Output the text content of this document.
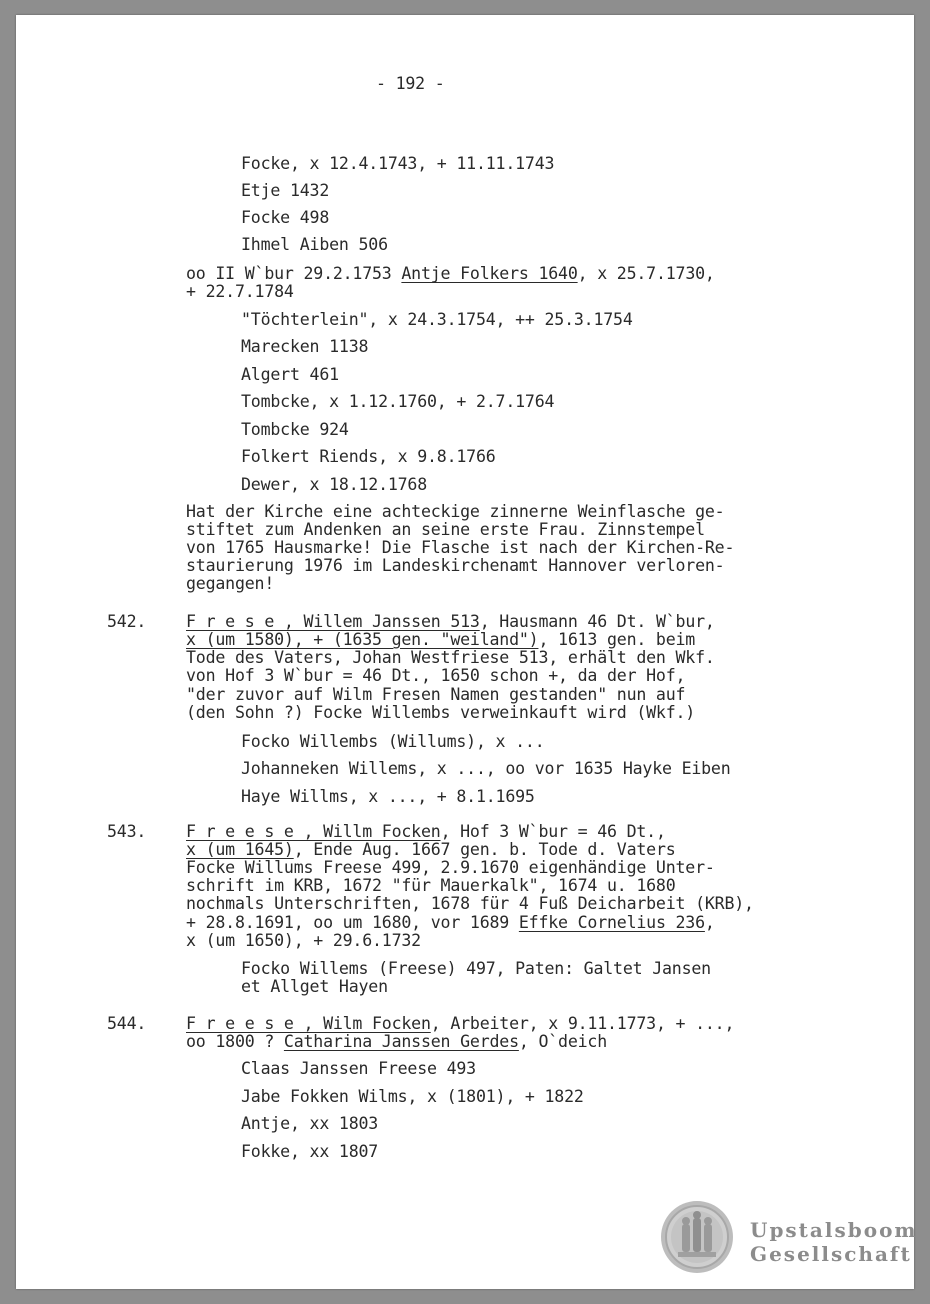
- 192 -
Focke, x 12.4.1743, + 11.11.1743
Etje 1432
Focke 498
Ihmel Aiben 506
oo II W`bur 29.2.1753 Antje Folkers 1640, x 25.7.1730,
+ 22.7.1784
"Töchterlein", x 24.3.1754, ++ 25.3.1754
Marecken 1138
Algert 461
Tombcke, x 1.12.1760, + 2.7.1764
Tombcke 924
Folkert Riends, x 9.8.1766
Dewer, x 18.12.1768
Hat der Kirche eine achteckige zinnerne Weinflasche ge-
stiftet zum Andenken an seine erste Frau. Zinnstempel
von 1765 Hausmarke! Die Flasche ist nach der Kirchen-Re-
staurierung 1976 im Landeskirchenamt Hannover verloren-
gegangen!
542. F r e s e , Willem Janssen 513, Hausmann 46 Dt. W`bur,
x (um 1580), + (1635 gen. "weiland"), 1613 gen. beim
Tode des Vaters, Johan Westfriese 513, erhält den Wkf.
von Hof 3 W`bur = 46 Dt., 1650 schon +, da der Hof,
"der zuvor auf Wilm Fresen Namen gestanden" nun auf
(den Sohn ?) Focke Willembs verweinkauft wird (Wkf.)
Focko Willembs (Willums), x ...
Johanneken Willems, x ..., oo vor 1635 Hayke Eiben
Haye Willms, x ..., + 8.1.1695
543. F r e e s e , Willm Focken, Hof 3 W`bur = 46 Dt.,
x (um 1645), Ende Aug. 1667 gen. b. Tode d. Vaters
Focke Willums Freese 499, 2.9.1670 eigenhändige Unter-
schrift im KRB, 1672 "für Mauerkalk", 1674 u. 1680
nochmals Unterschriften, 1678 für 4 Fuß Deicharbeit (KRB),
+ 28.8.1691, oo um 1680, vor 1689 Effke Cornelius 236,
x (um 1650), + 29.6.1732
Focko Willems (Freese) 497, Paten: Galtet Jansen
et Allget Hayen
544. F r e e s e , Wilm Focken, Arbeiter, x 9.11.1773, + ...,
oo 1800 ? Catharina Janssen Gerdes, O`deich
Claas Janssen Freese 493
Jabe Fokken Wilms, x (1801), + 1822
Antje, xx 1803
Fokke, xx 1807
Upstalsboom
Gesellschaft
